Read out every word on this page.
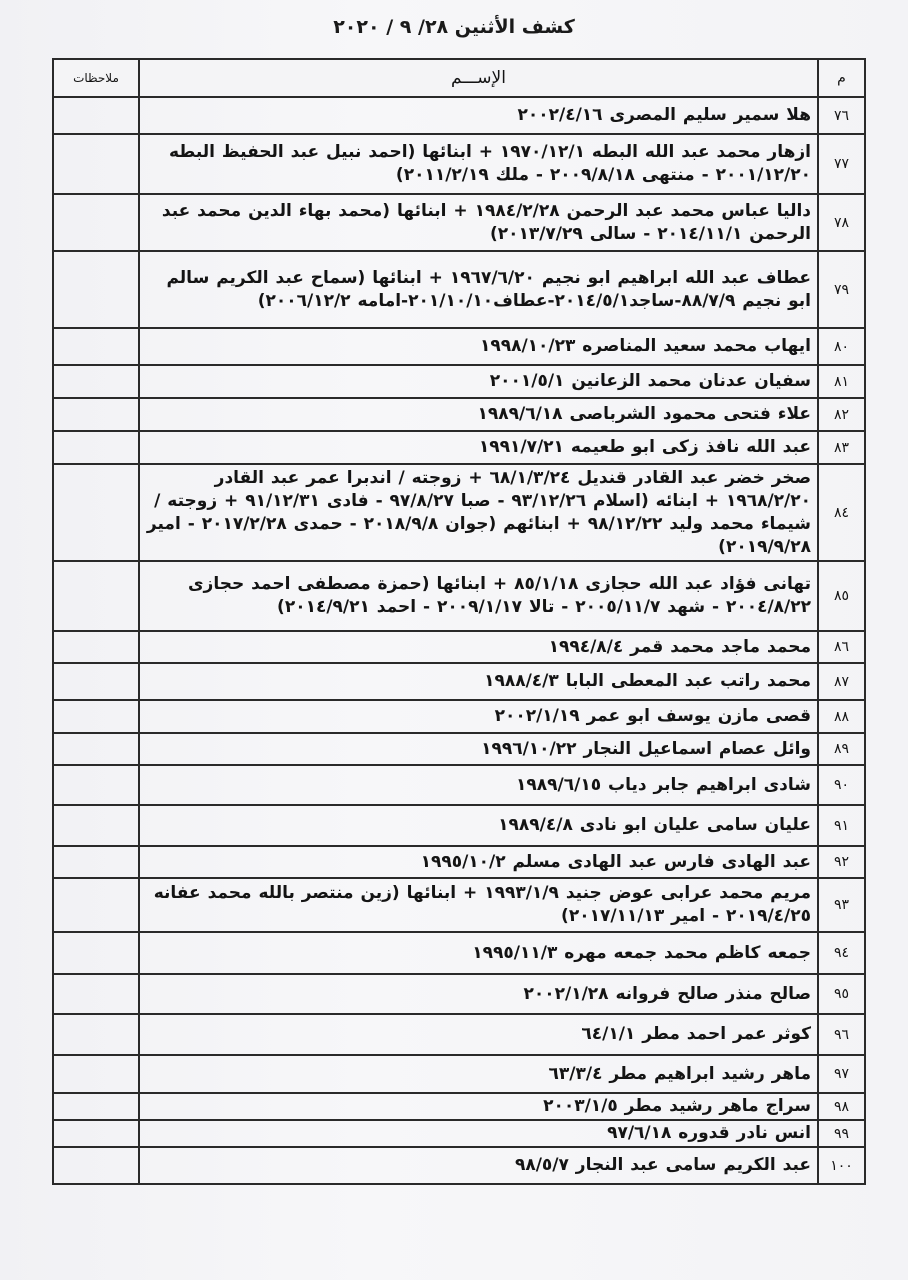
كشف الأثنين ٢٨/ ٩ / ٢٠٢٠
م	الإســـم	ملاحظات
٧٦	هلا سمير سليم المصرى ٢٠٠٢/٤/١٦	
٧٧	ازهار محمد عبد الله البطه ١٩٧٠/١٢/١ + ابنائها (احمد نبيل عبد الحفيظ البطه ٢٠٠١/١٢/٢٠ - منتهى ٢٠٠٩/٨/١٨ - ملك ٢٠١١/٢/١٩)	
٧٨	داليا عباس محمد عبد الرحمن ١٩٨٤/٢/٢٨ + ابنائها (محمد بهاء الدين محمد عبد الرحمن ٢٠١٤/١١/١ - سالى ٢٠١٣/٧/٢٩)	
٧٩	عطاف عبد الله ابراهيم ابو نجيم ١٩٦٧/٦/٢٠ + ابنائها (سماح عبد الكريم سالم ابو نجيم ٨٨/٧/٩-ساجد٢٠١٤/٥/١-عطاف٢٠١/١٠/١٠-امامه ٢٠٠٦/١٢/٢)	
٨٠	ايهاب محمد سعيد المناصره ١٩٩٨/١٠/٢٣	
٨١	سفيان عدنان محمد الزعانين ٢٠٠١/٥/١	
٨٢	علاء فتحى محمود الشرباصى ١٩٨٩/٦/١٨	
٨٣	عبد الله نافذ زكى ابو طعيمه ١٩٩١/٧/٢١	
٨٤	صخر خضر عبد القادر قنديل ٦٨/١/٣/٢٤ + زوجته / اندبرا عمر عبد القادر ١٩٦٨/٢/٢٠ + ابنائه (اسلام ٩٣/١٢/٢٦ - صبا ٩٧/٨/٢٧ - فادى ٩١/١٢/٣١ + زوجته / شيماء محمد وليد ٩٨/١٢/٢٢ + ابنائهم (جوان ٢٠١٨/٩/٨ - حمدى ٢٠١٧/٢/٢٨ - امير ٢٠١٩/٩/٢٨)	
٨٥	تهانى فؤاد عبد الله حجازى ٨٥/١/١٨ + ابنائها (حمزة مصطفى احمد حجازى ٢٠٠٤/٨/٢٢ - شهد ٢٠٠٥/١١/٧ - تالا ٢٠٠٩/١/١٧ - احمد ٢٠١٤/٩/٢١)	
٨٦	محمد ماجد محمد قمر ١٩٩٤/٨/٤	
٨٧	محمد راتب عبد المعطى البابا ١٩٨٨/٤/٣	
٨٨	قصى مازن يوسف ابو عمر ٢٠٠٢/١/١٩	
٨٩	وائل عصام اسماعيل النجار ١٩٩٦/١٠/٢٢	
٩٠	شادى ابراهيم جابر دياب ١٩٨٩/٦/١٥	
٩١	عليان سامى عليان ابو نادى ١٩٨٩/٤/٨	
٩٢	عبد الهادى فارس عبد الهادى مسلم ١٩٩٥/١٠/٢	
٩٣	مريم محمد عرابى عوض جنيد ١٩٩٣/١/٩ + ابنائها (زين منتصر بالله محمد عفانه ٢٠١٩/٤/٢٥ - امير ٢٠١٧/١١/١٣)	
٩٤	جمعه كاظم محمد جمعه مهره ١٩٩٥/١١/٣	
٩٥	صالح منذر صالح فروانه ٢٠٠٢/١/٢٨	
٩٦	كوثر عمر احمد مطر ٦٤/١/١	
٩٧	ماهر رشيد ابراهيم مطر ٦٣/٣/٤	
٩٨	سراج ماهر رشيد مطر ٢٠٠٣/١/٥	
٩٩	انس نادر قدوره ٩٧/٦/١٨	
١٠٠	عبد الكريم سامى عبد النجار ٩٨/٥/٧	
